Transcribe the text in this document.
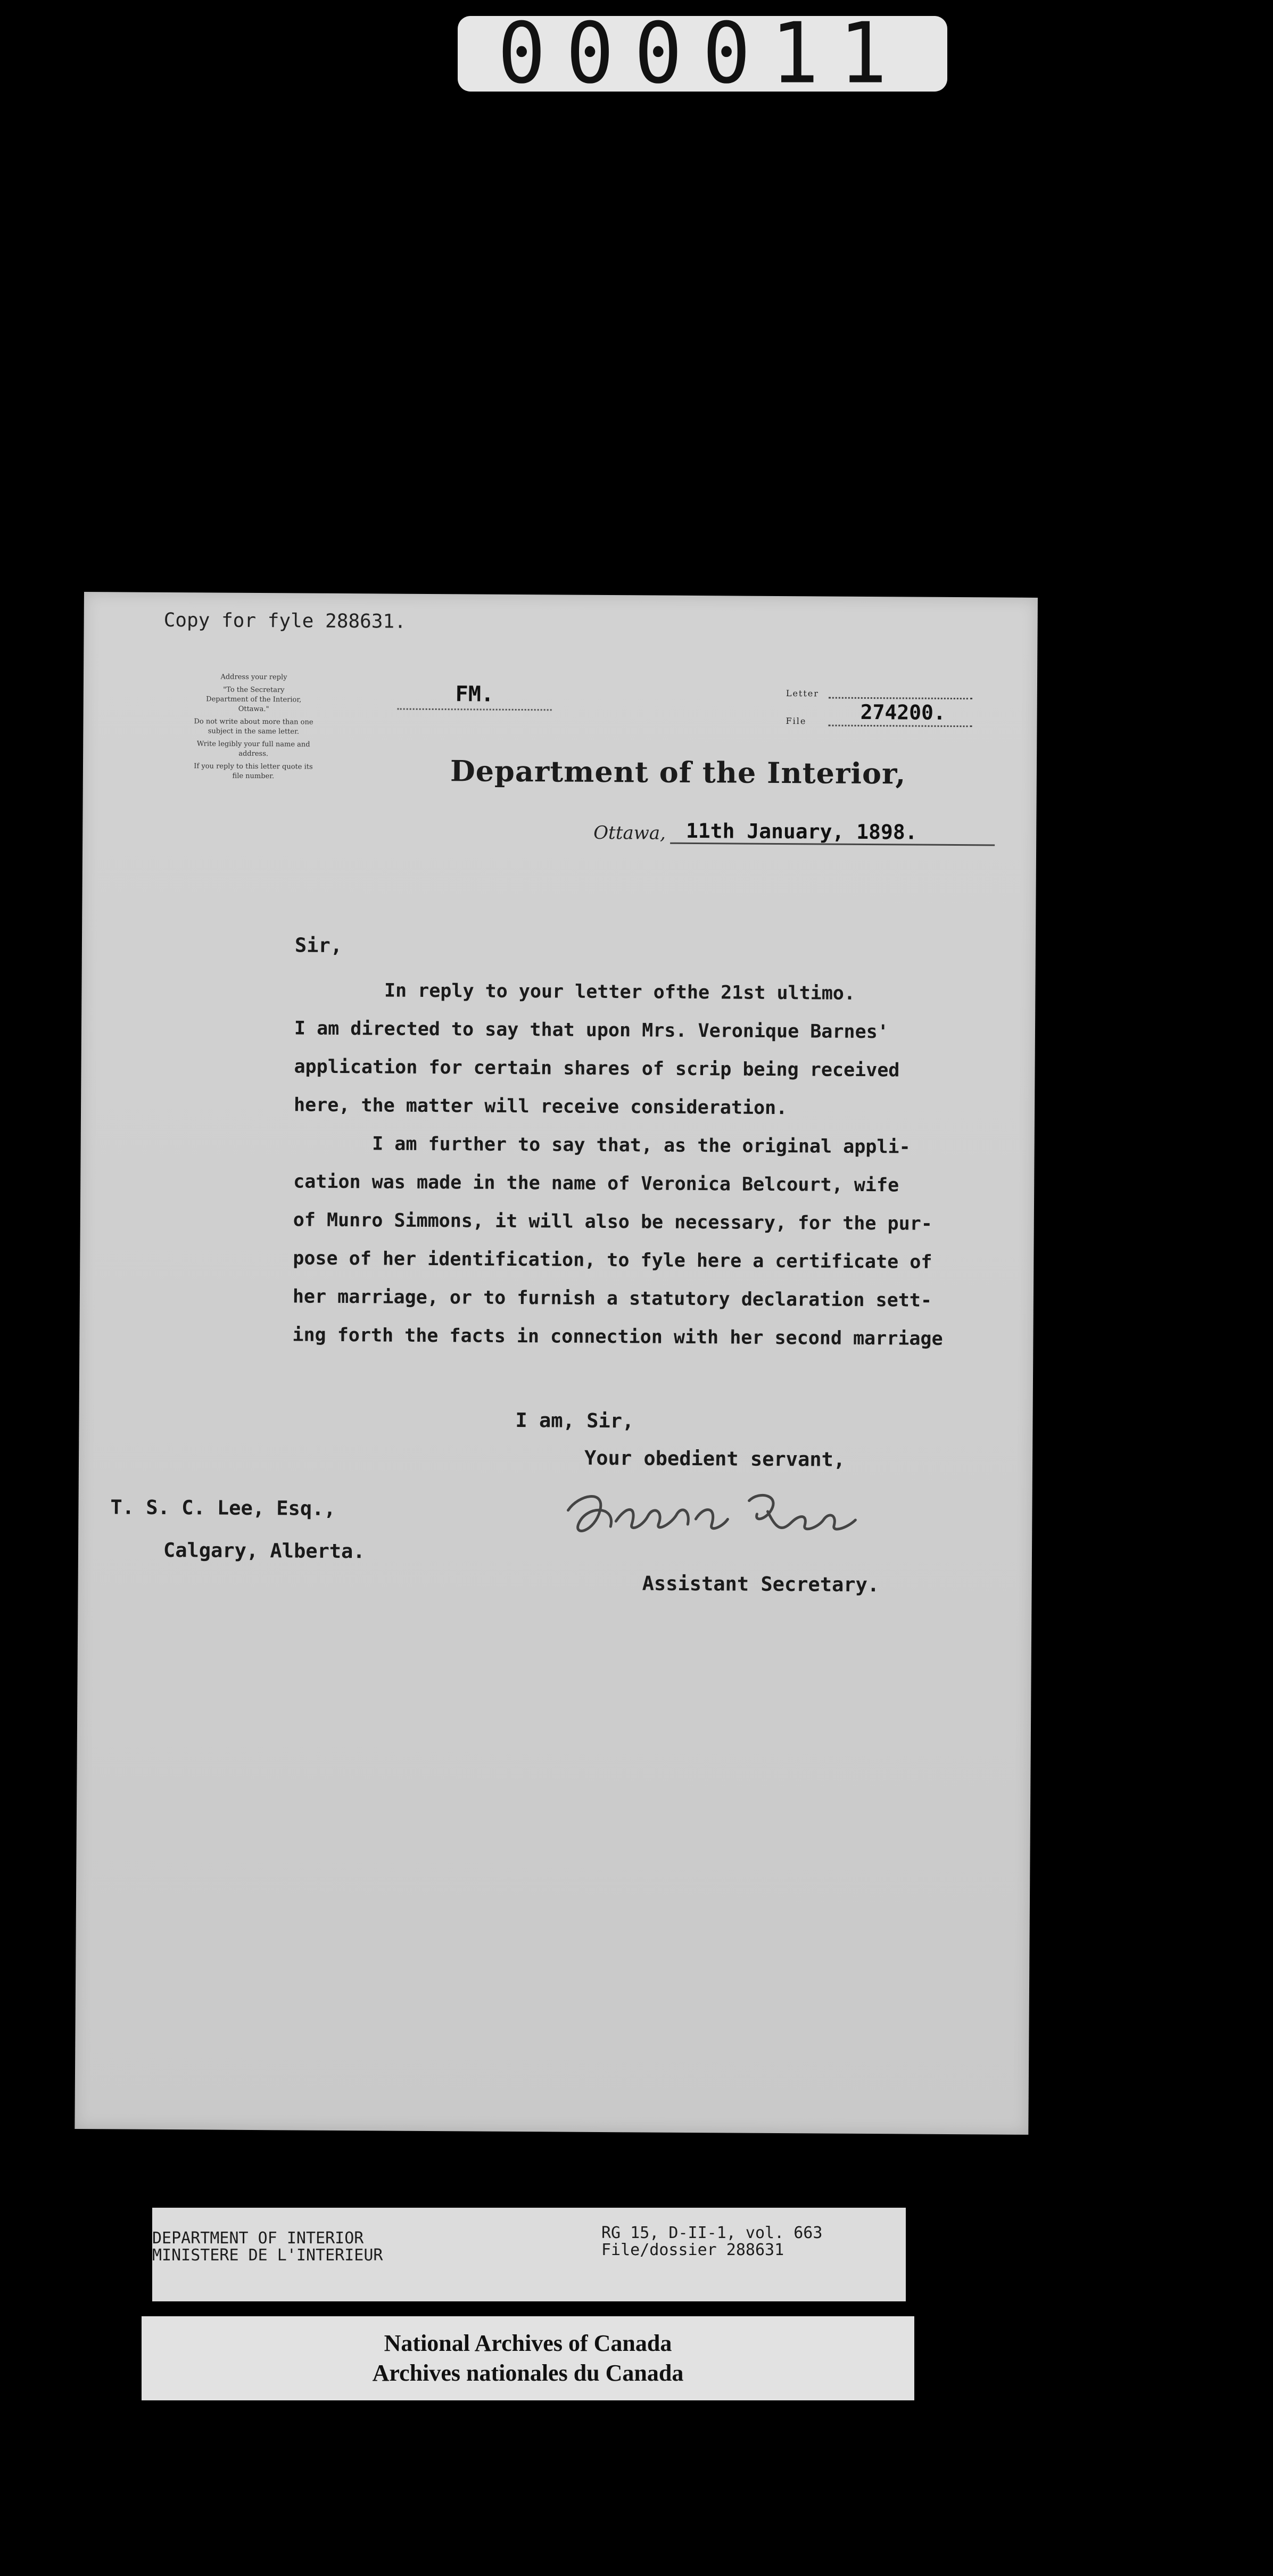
000011
Copy for fyle 288631.

Address your reply

"To the Secretary
Department of the Interior,
Ottawa."

Do not write about more than one
subject in the same letter.

Write legibly your full name and
address.

If you reply to this letter quote its
file number.

FM.	Letter
File	274200.
Department of the Interior,
Ottawa, 11th January, 1898.
Sir,

In reply to your letter ofthe 21st ultimo.

I am directed to say that upon Mrs. Veronique Barnes'

application for certain shares of scrip being received

here, the matter will receive consideration.

I am further to say that, as the original appli-

cation was made in the name of Veronica Belcourt, wife

of Munro Simmons, it will also be necessary, for the pur-

pose of her identification, to fyle here a certificate of

her marriage, or to furnish a statutory declaration sett-

ing forth the facts in connection with her second marriage

I am, Sir,
Your obedient servant,
Assistant Secretary.
T. S. C. Lee, Esq.,
Calgary, Alberta.
DEPARTMENT OF INTERIOR
MINISTERE DE L'INTERIEUR
RG 15, D-II-1, vol. 663
File/dossier 288631
National Archives of Canada
Archives nationales du Canada
